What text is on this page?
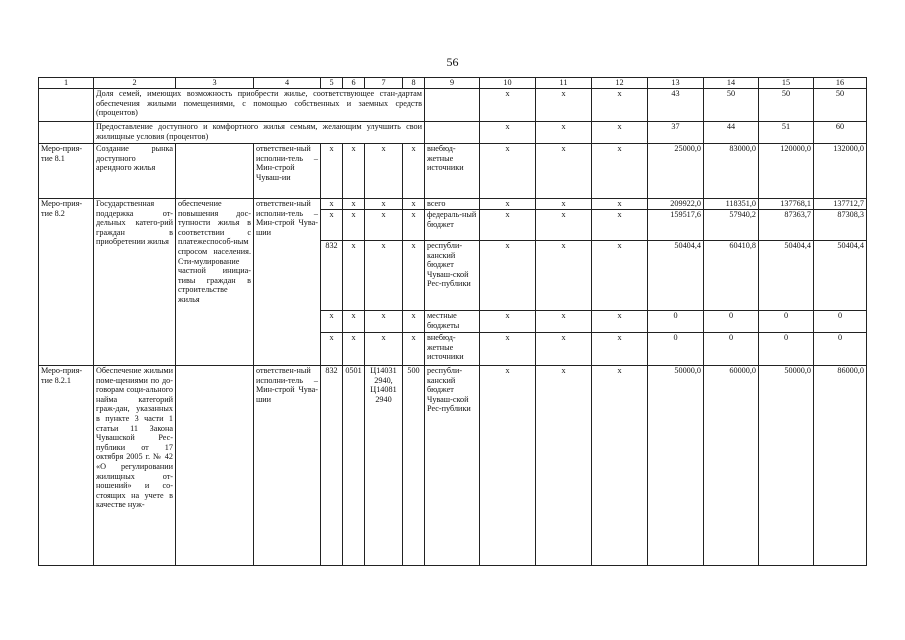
56
1	2	3	4	5	6	7	8	9	10	11	12	13	14	15	16
	Доля семей, имеющих возможность приобрести жилье, соответствующее стан-дартам обеспечения жилыми помещениями, с помощью собственных и заемных средств (процентов)								x	x	x	43	50	50	50
	Предоставление доступного и комфортного жилья семьям, желающим улучшить свои жилищные условия (процентов)								x	x	x	37	44	51	60
Меро-прия-тие 8.1	Создание рынка доступного арендного жилья		ответствен-ный исполни-тель – Мин-строй Чуваш-ии	x	x	x	x	внебюд-жетные источники	x	x	x	25000,0	83000,0	120000,0	132000,0
Меро-прия-тие 8.2	Государственная поддержка от-дельных катего-рий граждан в приобретении жилья	обеспечение повышения дос-тупности жилья в соответствии с платежеспособ-ным спросом населения. Сти-мулирование частной инициа-тивы граждан в строительстве жилья	ответствен-ный исполни-тель – Мин-строй Чува-шии	x	x	x	x	всего	x	x	x	209922,0	118351,0	137768,1	137712,7
				x	x	x	x	федераль-ный бюджет	x	x	x	159517,6	57940,2	87363,7	87308,3
				832	x	x	x	республи-канский бюджет Чуваш-ской Рес-публики	x	x	x	50404,4	60410,8	50404,4	50404,4
				x	x	x	x	местные бюджеты	x	x	x	0	0	0	0
				x	x	x	x	внебюд-жетные источники	x	x	x	0	0	0	0
Меро-прия-тие 8.2.1	Обеспечение жилыми поме-щениями по до-говорам соци-ального найма категорий граж-дан, указанных в пункте 3 части 1 статьи 11 Закона Чувашской Рес-публики от 17 октября 2005 г. № 42 «О регулировании жилищных от-ношений» и со-стоящих на учете в качестве нуж-		ответствен-ный исполни-тель – Мин-строй Чува-шии	832	0501	Ц14031 2940, Ц14081 2940	500	республи-канский бюджет Чуваш-ской Рес-публики	x	x	x	50000,0	60000,0	50000,0	86000,0
